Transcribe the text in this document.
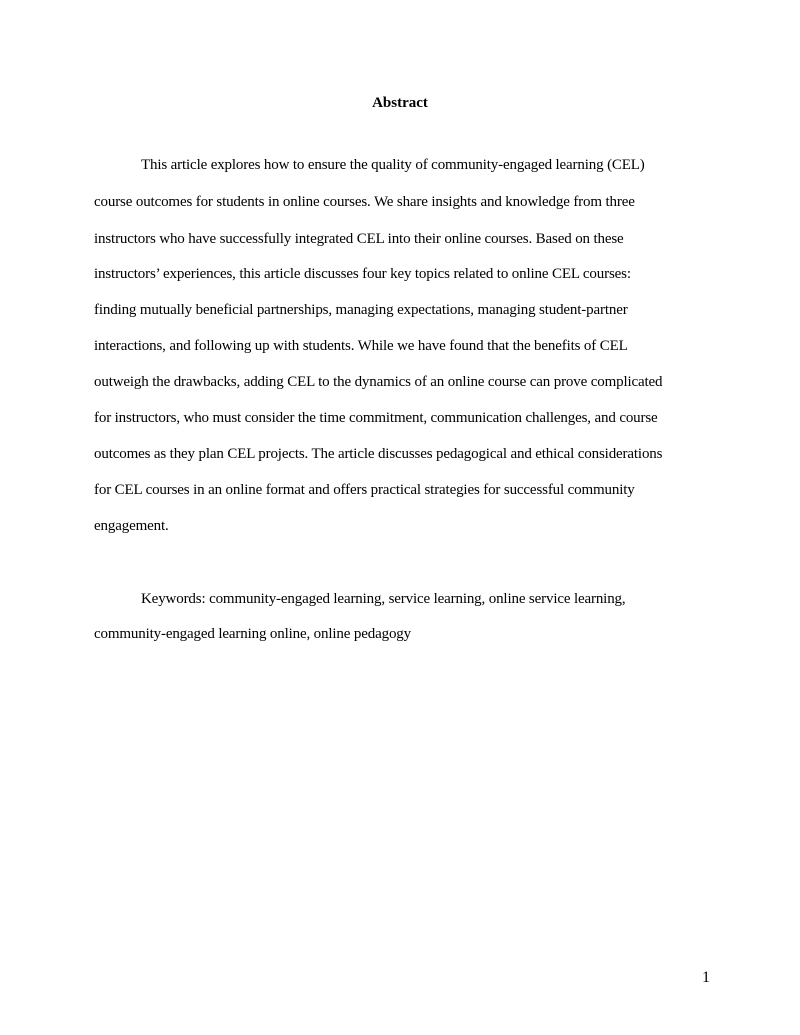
Abstract
This article explores how to ensure the quality of community-engaged learning (CEL)
course outcomes for students in online courses. We share insights and knowledge from three
instructors who have successfully integrated CEL into their online courses. Based on these
instructors’ experiences, this article discusses four key topics related to online CEL courses:
finding mutually beneficial partnerships, managing expectations, managing student-partner
interactions, and following up with students. While we have found that the benefits of CEL
outweigh the drawbacks, adding CEL to the dynamics of an online course can prove complicated
for instructors, who must consider the time commitment, communication challenges, and course
outcomes as they plan CEL projects. The article discusses pedagogical and ethical considerations
for CEL courses in an online format and offers practical strategies for successful community
engagement.
Keywords: community-engaged learning, service learning, online service learning,
community-engaged learning online, online pedagogy
1
